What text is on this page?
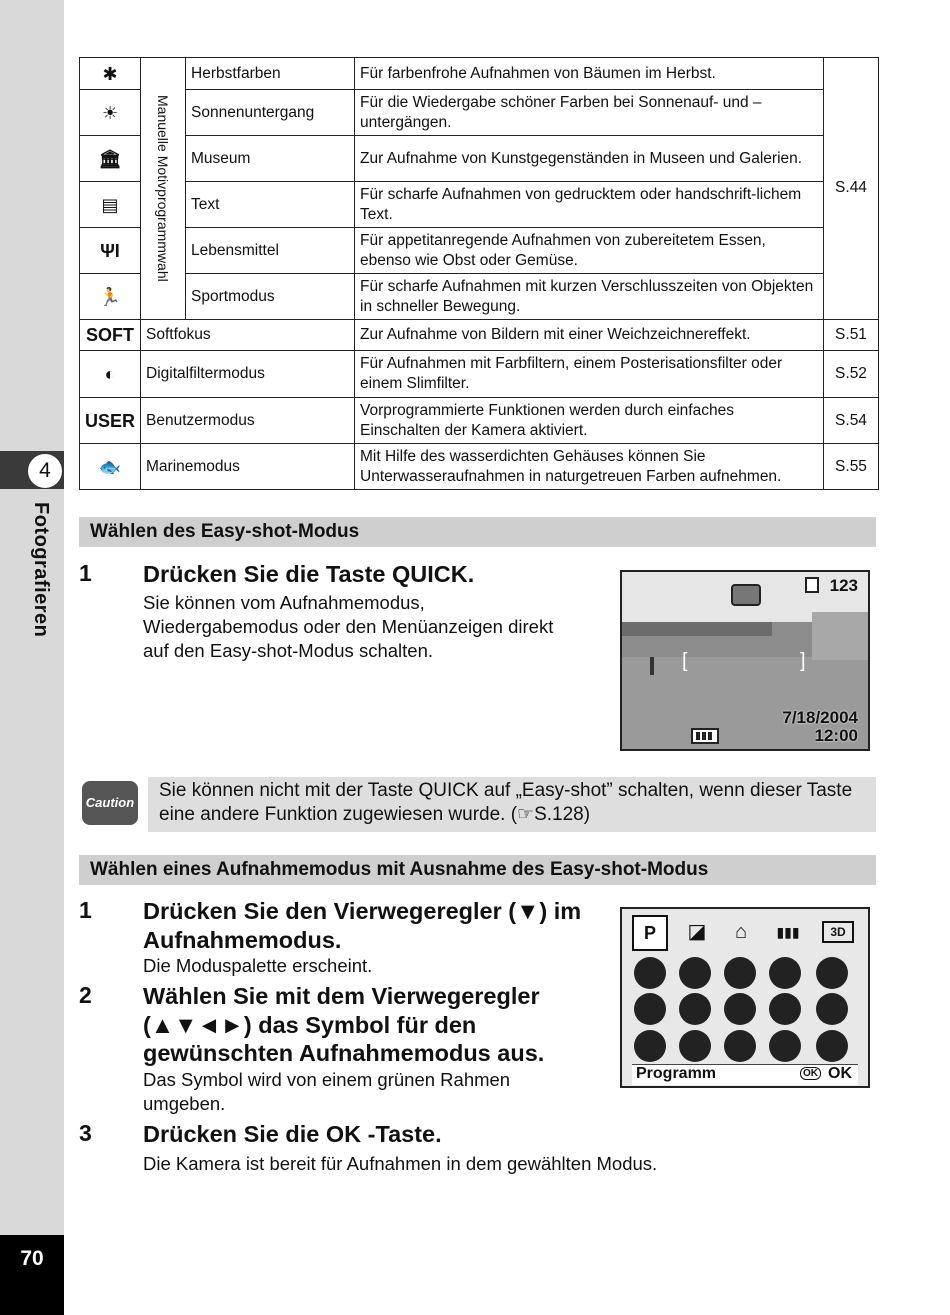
4
Fotografieren
70
✱	Manuelle Motivprogrammwahl	Herbstfarben	Für farbenfrohe Aufnahmen von Bäumen im Herbst.	S.44
☀		Sonnenuntergang	Für die Wiedergabe schöner Farben bei Sonnenauf- und –untergängen.	
🏛		Museum	Zur Aufnahme von Kunstgegenständen in Museen und Galerien.	
▤		Text	Für scharfe Aufnahmen von gedrucktem oder handschrift-lichem Text.	
ΨI		Lebensmittel	Für appetitanregende Aufnahmen von zubereitetem Essen, ebenso wie Obst oder Gemüse.	
🏃		Sportmodus	Für scharfe Aufnahmen mit kurzen Verschlusszeiten von Objekten in schneller Bewegung.	
SOFT	Softfokus		Zur Aufnahme von Bildern mit einer Weichzeichnereffekt.	S.51
◐	Digitalfiltermodus		Für Aufnahmen mit Farbfiltern, einem Posterisationsfilter oder einem Slimfilter.	S.52
USER	Benutzermodus		Vorprogrammierte Funktionen werden durch einfaches Einschalten der Kamera aktiviert.	S.54
🐟	Marinemodus		Mit Hilfe des wasserdichten Gehäuses können Sie Unterwasseraufnahmen in naturgetreuen Farben aufnehmen.	S.55
Wählen des Easy-shot-Modus
1 Drücken Sie die Taste QUICK.
Sie können vom Aufnahmemodus, Wiedergabemodus oder den Menüanzeigen direkt auf den Easy-shot-Modus schalten.	[	]
123
7/18/2004
12:00
Caution
Sie können nicht mit der Taste QUICK auf „Easy-shot” schalten, wenn dieser Taste eine andere Funktion zugewiesen wurde. (☞S.128)
Wählen eines Aufnahmemodus mit Ausnahme des Easy-shot-Modus
1 Drücken Sie den Vierwegeregler (▼) im Aufnahmemodus.
Die Moduspalette erscheint.
2 Wählen Sie mit dem Vierwegeregler (▲▼◄►) das Symbol für den gewünschten Aufnahmemodus aus.
Das Symbol wird von einem grünen Rahmen umgeben.
3 Drücken Sie die OK -Taste.
Die Kamera ist bereit für Aufnahmen in dem gewählten Modus.
P	◪	⌂	▮▮▮	3D
Programm	OK OK
